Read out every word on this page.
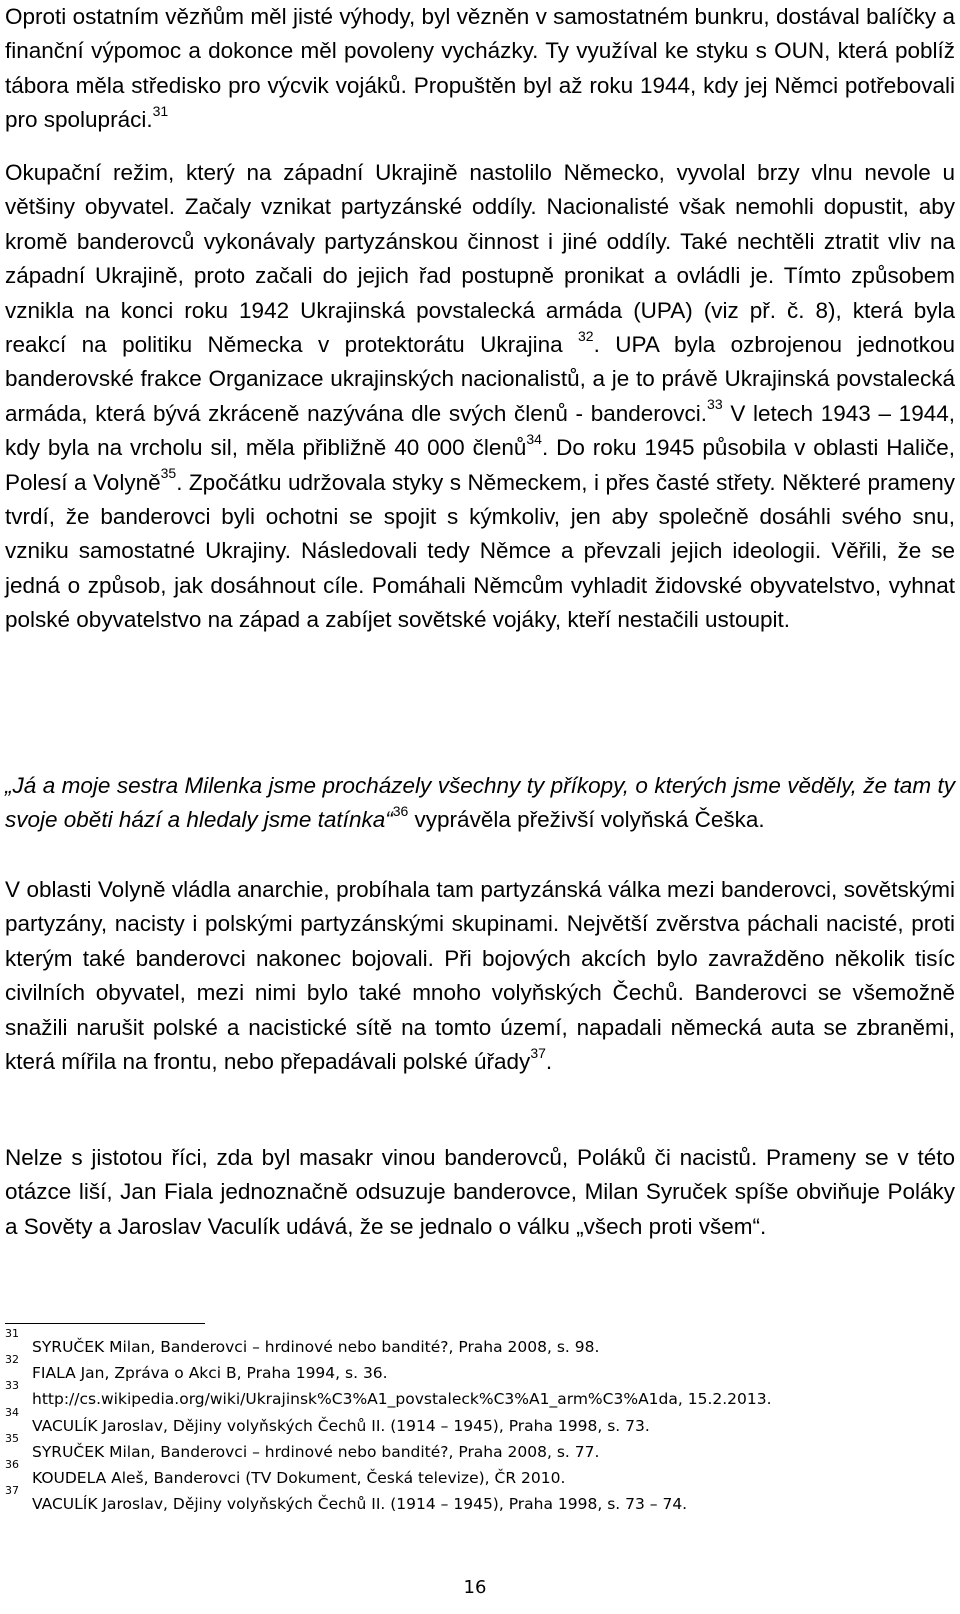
Oproti ostatním vězňům měl jisté výhody, byl vězněn v samostatném bunkru, dostával balíčky a finanční výpomoc a dokonce měl povoleny vycházky. Ty využíval ke styku s OUN, která poblíž tábora měla středisko pro výcvik vojáků. Propuštěn byl až roku 1944, kdy jej Němci potřebovali pro spolupráci.$^{31}$

Okupační režim, který na západní Ukrajině nastolilo Německo, vyvolal brzy vlnu nevole u většiny obyvatel. Začaly vznikat partyzánské oddíly. Nacionalisté však nemohli dopustit, aby kromě banderovců vykonávaly partyzánskou činnost i jiné oddíly. Také nechtěli ztratit vliv na západní Ukrajině, proto začali do jejich řad postupně pronikat a ovládli je. Tímto způsobem vznikla na konci roku 1942 Ukrajinská povstalecká armáda (UPA) (viz př. č. 8), která byla reakcí na politiku Německa v protektorátu Ukrajina $^{32}$. UPA byla ozbrojenou jednotkou banderovské frakce Organizace ukrajinských nacionalistů, a je to právě Ukrajinská povstalecká armáda, která bývá zkráceně nazývána dle svých členů - banderovci.$^{33}$ V letech 1943 – 1944, kdy byla na vrcholu sil, měla přibližně 40 000 členů$^{34}$. Do roku 1945 působila v oblasti Haliče, Polesí a Volyně$^{35}$. Zpočátku udržovala styky s Německem, i přes časté střety. Některé prameny tvrdí, že banderovci byli ochotni se spojit s kýmkoliv, jen aby společně dosáhli svého snu, vzniku samostatné Ukrajiny. Následovali tedy Němce a převzali jejich ideologii. Věřili, že se jedná o způsob, jak dosáhnout cíle. Pomáhali Němcům vyhladit židovské obyvatelstvo, vyhnat polské obyvatelstvo na západ a zabíjet sovětské vojáky, kteří nestačili ustoupit.

„Já a moje sestra Milenka jsme procházely všechny ty příkopy, o kterých jsme věděly, že tam ty svoje oběti hází a hledaly jsme tatínka“$^{36}$ vyprávěla přeživší volyňská Češka.

V oblasti Volyně vládla anarchie, probíhala tam partyzánská válka mezi banderovci, sovětskými partyzány, nacisty i polskými partyzánskými skupinami. Největší zvěrstva páchali nacisté, proti kterým také banderovci nakonec bojovali. Při bojových akcích bylo zavražděno několik tisíc civilních obyvatel, mezi nimi bylo také mnoho volyňských Čechů. Banderovci se všemožně snažili narušit polské a nacistické sítě na tomto území, napadali německá auta se zbraněmi, která mířila na frontu, nebo přepadávali polské úřady$^{37}$.

Nelze s jistotou říci, zda byl masakr vinou banderovců, Poláků či nacistů. Prameny se v této otázce liší, Jan Fiala jednoznačně odsuzuje banderovce, Milan Syruček spíše obviňuje Poláky a Sověty a Jaroslav Vaculík udává, že se jednalo o válku „všech proti všem“.

31
SYRUČEK Milan, Banderovci – hrdinové nebo bandité?, Praha 2008, s. 98.
32
FIALA Jan, Zpráva o Akci B, Praha 1994, s. 36.
33
http://cs.wikipedia.org/wiki/Ukrajinsk%C3%A1_povstaleck%C3%A1_arm%C3%A1da, 15.2.2013.
34
VACULÍK Jaroslav, Dějiny volyňských Čechů II. (1914 – 1945), Praha 1998, s. 73.
35
SYRUČEK Milan, Banderovci – hrdinové nebo bandité?, Praha 2008, s. 77.
36
KOUDELA Aleš, Banderovci (TV Dokument, Česká televize), ČR 2010.
37
VACULÍK Jaroslav, Dějiny volyňských Čechů II. (1914 – 1945), Praha 1998, s. 73 – 74.
16
